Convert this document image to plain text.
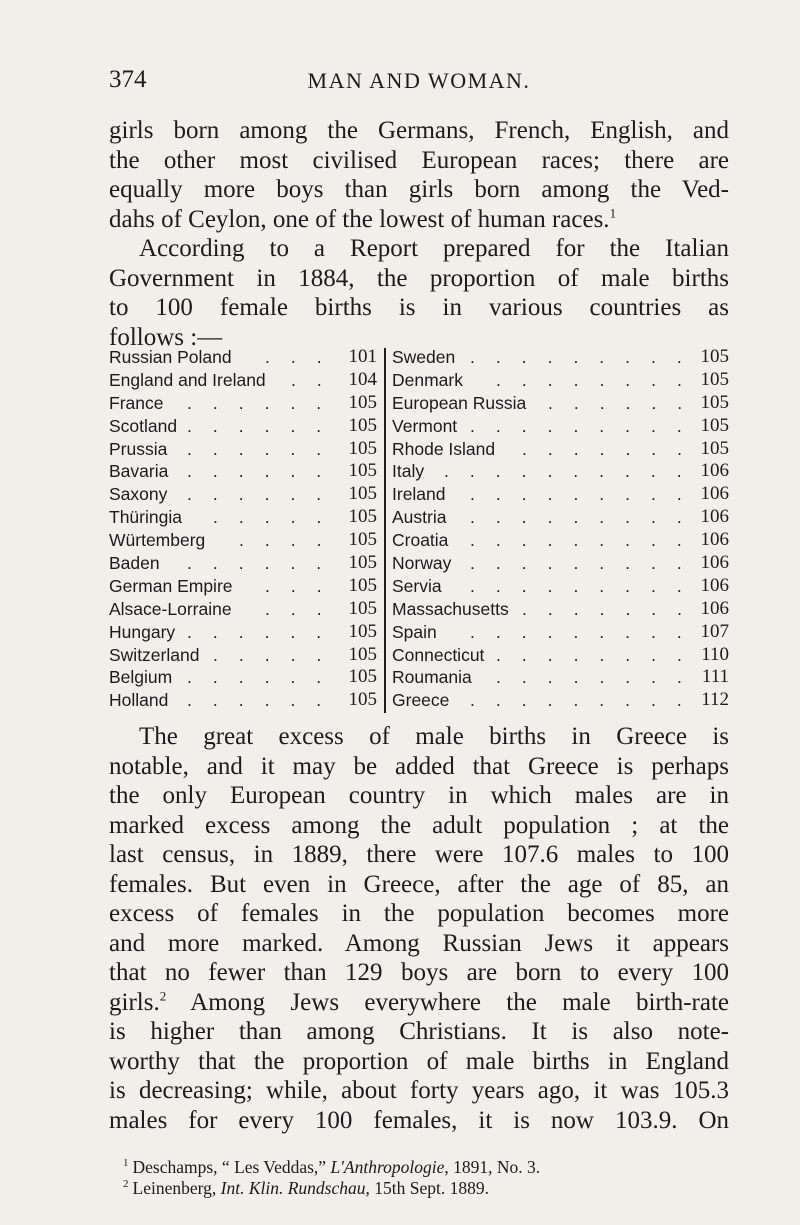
374	MAN AND WOMAN.
girls born among the Germans, French, English, and
the other most civilised European races; there are
equally more boys than girls born among the Ved-
dahs of Ceylon, one of the lowest of human races.$^1$
According to a Report prepared for the Italian
Government in 1884, the proportion of male births
to 100 female births is in various countries as
follows :—
Russian Poland ... 101
England and Ireland .. 104
France ...... 105
Scotland ...... 105
Prussia ...... 105
Bavaria ...... 105
Saxony ...... 105
Thüringia ..... 105
Würtemberg .... 105
Baden ...... 105
German Empire ... 105
Alsace-Lorraine ... 105
Hungary ...... 105
Switzerland ..... 105
Belgium ...... 105
Holland ...... 105
Sweden .........
105
Denmark ........
105
European Russia ......
105
Vermont .........
105
Rhode Island .......
105
Italy ..........
106
Ireland .........
106
Austria .........
106
Croatia .........
106
Norway .........
106
Servia .........
106
Massachusetts .......
106
Spain .........
107
Connecticut ........
110
Roumania ........ 111
Greece .........
112
The great excess of male births in Greece is
notable, and it may be added that Greece is perhaps
the only European country in which males are in
marked excess among the adult population ; at the
last census, in 1889, there were 107.6 males to 100
females. But even in Greece, after the age of 85, an
excess of females in the population becomes more
and more marked. Among Russian Jews it appears
that no fewer than 129 boys are born to every 100
girls.$^2$ Among Jews everywhere the male birth-rate
is higher than among Christians. It is also note-
worthy that the proportion of male births in England
is decreasing; while, about forty years ago, it was 105.3
males for every 100 females, it is now 103.9. On
$^1$ Deschamps, “ Les Veddas,” L'Anthropologie, 1891, No. 3.
$^2$ Leinenberg, Int. Klin. Rundschau, 15th Sept. 1889.
